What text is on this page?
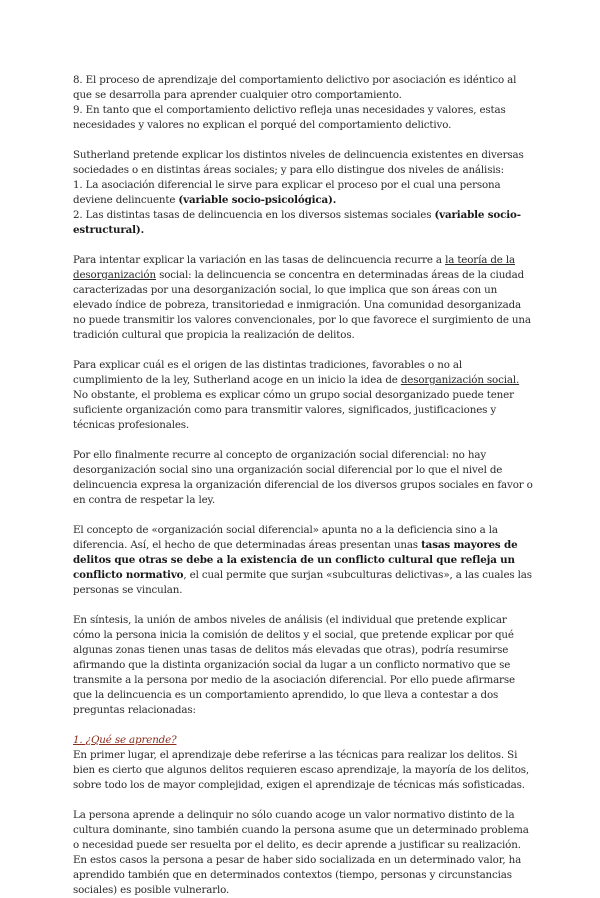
8. El proceso de aprendizaje del comportamiento delictivo por asociación es idéntico al que se desarrolla para aprender cualquier otro comportamiento.

9. En tanto que el comportamiento delictivo refleja unas necesidades y valores, estas necesidades y valores no explican el porqué del comportamiento delictivo.

Sutherland pretende explicar los distintos niveles de delincuencia existentes en diversas sociedades o en distintas áreas sociales; y para ello distingue dos niveles de análisis:

1. La asociación diferencial le sirve para explicar el proceso por el cual una persona deviene delincuente (variable socio-psicológica).

2. Las distintas tasas de delincuencia en los diversos sistemas sociales (variable socio-estructural).

Para intentar explicar la variación en las tasas de delincuencia recurre a la teoría de la desorganización social: la delincuencia se concentra en determinadas áreas de la ciudad caracterizadas por una desorganización social, lo que implica que son áreas con un elevado índice de pobreza, transitoriedad e inmigración. Una comunidad desorganizada no puede transmitir los valores convencionales, por lo que favorece el surgimiento de una tradición cultural que propicia la realización de delitos.

Para explicar cuál es el origen de las distintas tradiciones, favorables o no al cumplimiento de la ley, Sutherland acoge en un inicio la idea de desorganización social. No obstante, el problema es explicar cómo un grupo social desorganizado puede tener suficiente organización como para transmitir valores, significados, justificaciones y técnicas profesionales.

Por ello finalmente recurre al concepto de organización social diferencial: no hay desorganización social sino una organización social diferencial por lo que el nivel de delincuencia expresa la organización diferencial de los diversos grupos sociales en favor o en contra de respetar la ley.

El concepto de «organización social diferencial» apunta no a la deficiencia sino a la diferencia. Así, el hecho de que determinadas áreas presentan unas tasas mayores de delitos que otras se debe a la existencia de un conflicto cultural que refleja un conflicto normativo, el cual permite que surjan «subculturas delictivas», a las cuales las personas se vinculan.

En síntesis, la unión de ambos niveles de análisis (el individual que pretende explicar cómo la persona inicia la comisión de delitos y el social, que pretende explicar por qué algunas zonas tienen unas tasas de delitos más elevadas que otras), podría resumirse afirmando que la distinta organización social da lugar a un conflicto normativo que se transmite a la persona por medio de la asociación diferencial. Por ello puede afirmarse que la delincuencia es un comportamiento aprendido, lo que lleva a contestar a dos preguntas relacionadas:

1. ¿Qué se aprende?

En primer lugar, el aprendizaje debe referirse a las técnicas para realizar los delitos. Si bien es cierto que algunos delitos requieren escaso aprendizaje, la mayoría de los delitos, sobre todo los de mayor complejidad, exigen el aprendizaje de técnicas más sofisticadas.

La persona aprende a delinquir no sólo cuando acoge un valor normativo distinto de la cultura dominante, sino también cuando la persona asume que un determinado problema o necesidad puede ser resuelta por el delito, es decir aprende a justificar su realización. En estos casos la persona a pesar de haber sido socializada en un determinado valor, ha aprendido también que en determinados contextos (tiempo, personas y circunstancias sociales) es posible vulnerarlo.
